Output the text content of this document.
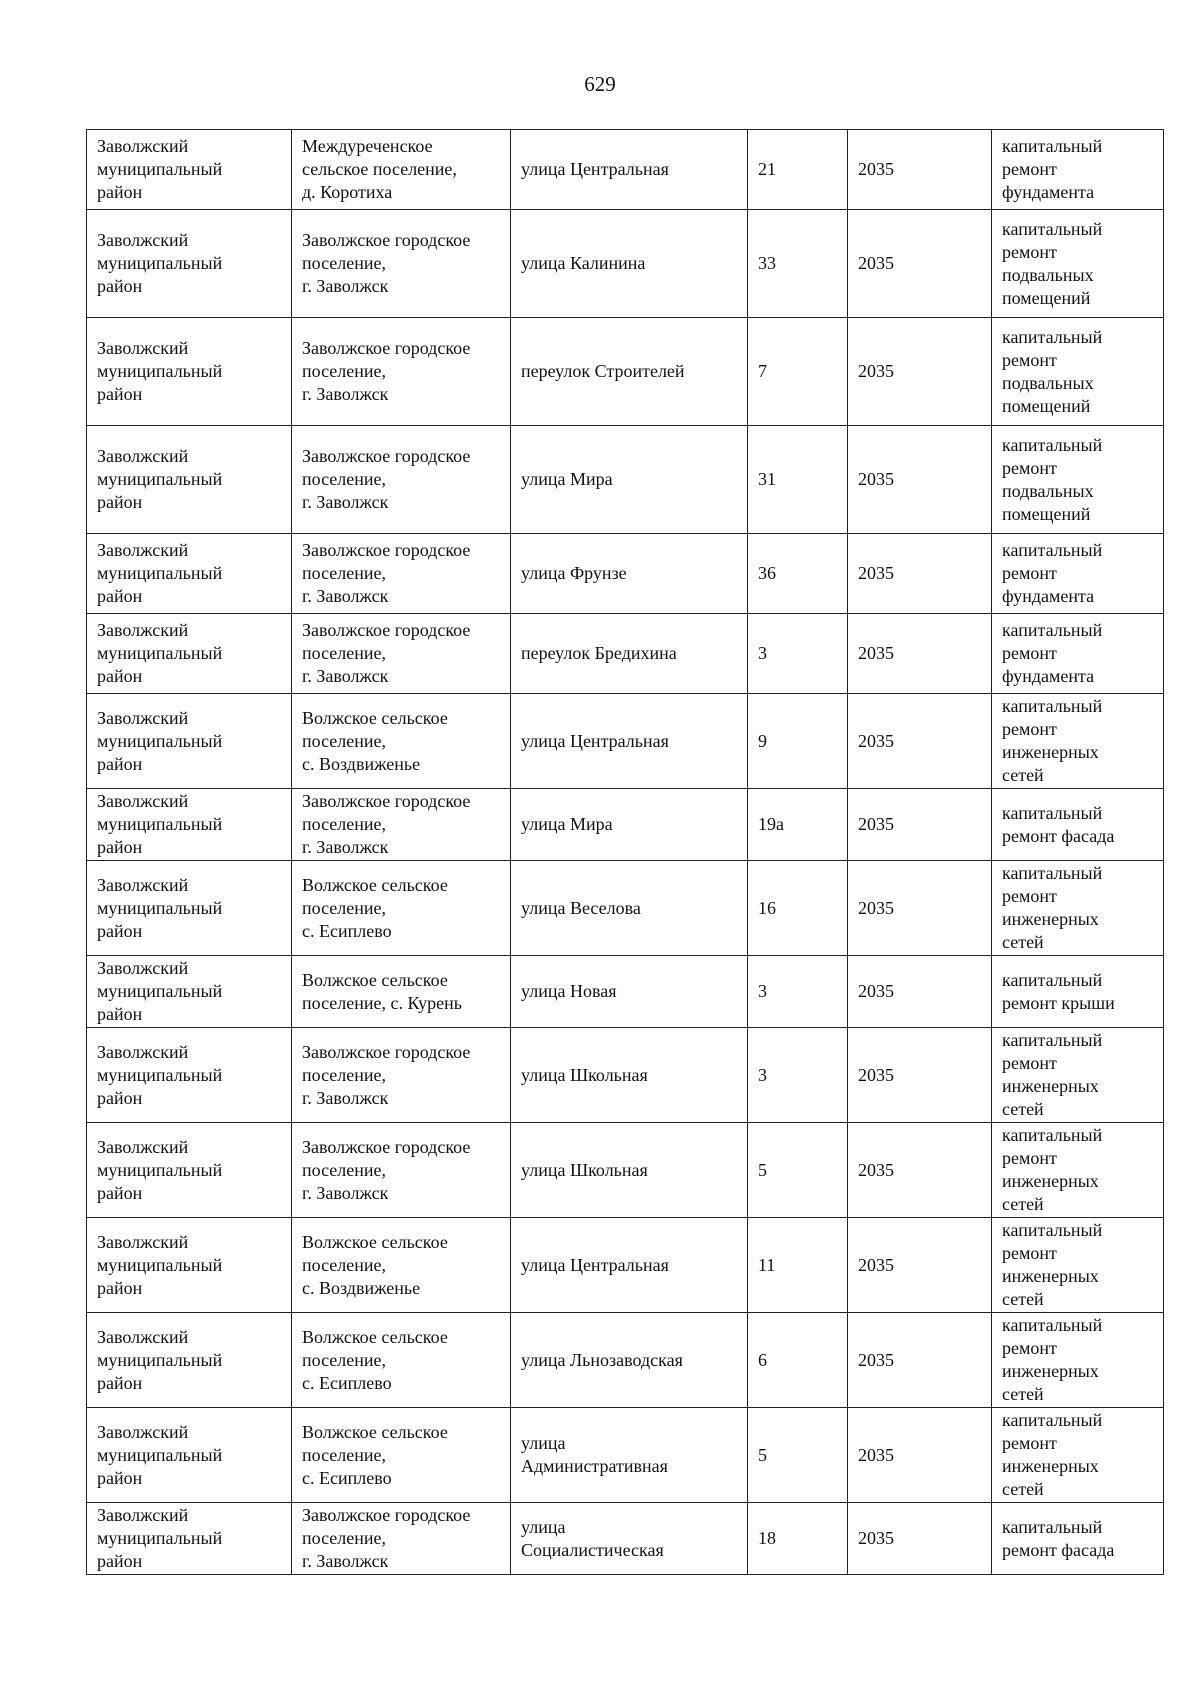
629
Заволжский
муниципальный
район	Междуреченское
сельское поселение,
д. Коротиха	улица Центральная	21	2035	капитальный
ремонт
фундамента
Заволжский
муниципальный
район	Заволжское городское
поселение,
г. Заволжск	улица Калинина	33	2035	капитальный
ремонт
подвальных
помещений
Заволжский
муниципальный
район	Заволжское городское
поселение,
г. Заволжск	переулок Строителей	7	2035	капитальный
ремонт
подвальных
помещений
Заволжский
муниципальный
район	Заволжское городское
поселение,
г. Заволжск	улица Мира	31	2035	капитальный
ремонт
подвальных
помещений
Заволжский
муниципальный
район	Заволжское городское
поселение,
г. Заволжск	улица Фрунзе	36	2035	капитальный
ремонт
фундамента
Заволжский
муниципальный
район	Заволжское городское
поселение,
г. Заволжск	переулок Бредихина	3	2035	капитальный
ремонт
фундамента
Заволжский
муниципальный
район	Волжское сельское
поселение,
с. Воздвиженье	улица Центральная	9	2035	капитальный
ремонт
инженерных
сетей
Заволжский
муниципальный
район	Заволжское городское
поселение,
г. Заволжск	улица Мира	19а	2035	капитальный
ремонт фасада
Заволжский
муниципальный
район	Волжское сельское
поселение,
с. Есиплево	улица Веселова	16	2035	капитальный
ремонт
инженерных
сетей
Заволжский
муниципальный
район	Волжское сельское
поселение, с. Курень	улица Новая	3	2035	капитальный
ремонт крыши
Заволжский
муниципальный
район	Заволжское городское
поселение,
г. Заволжск	улица Школьная	3	2035	капитальный
ремонт
инженерных
сетей
Заволжский
муниципальный
район	Заволжское городское
поселение,
г. Заволжск	улица Школьная	5	2035	капитальный
ремонт
инженерных
сетей
Заволжский
муниципальный
район	Волжское сельское
поселение,
с. Воздвиженье	улица Центральная	11	2035	капитальный
ремонт
инженерных
сетей
Заволжский
муниципальный
район	Волжское сельское
поселение,
с. Есиплево	улица Льнозаводская	6	2035	капитальный
ремонт
инженерных
сетей
Заволжский
муниципальный
район	Волжское сельское
поселение,
с. Есиплево	улица
Административная	5	2035	капитальный
ремонт
инженерных
сетей
Заволжский
муниципальный
район	Заволжское городское
поселение,
г. Заволжск	улица
Социалистическая	18	2035	капитальный
ремонт фасада
